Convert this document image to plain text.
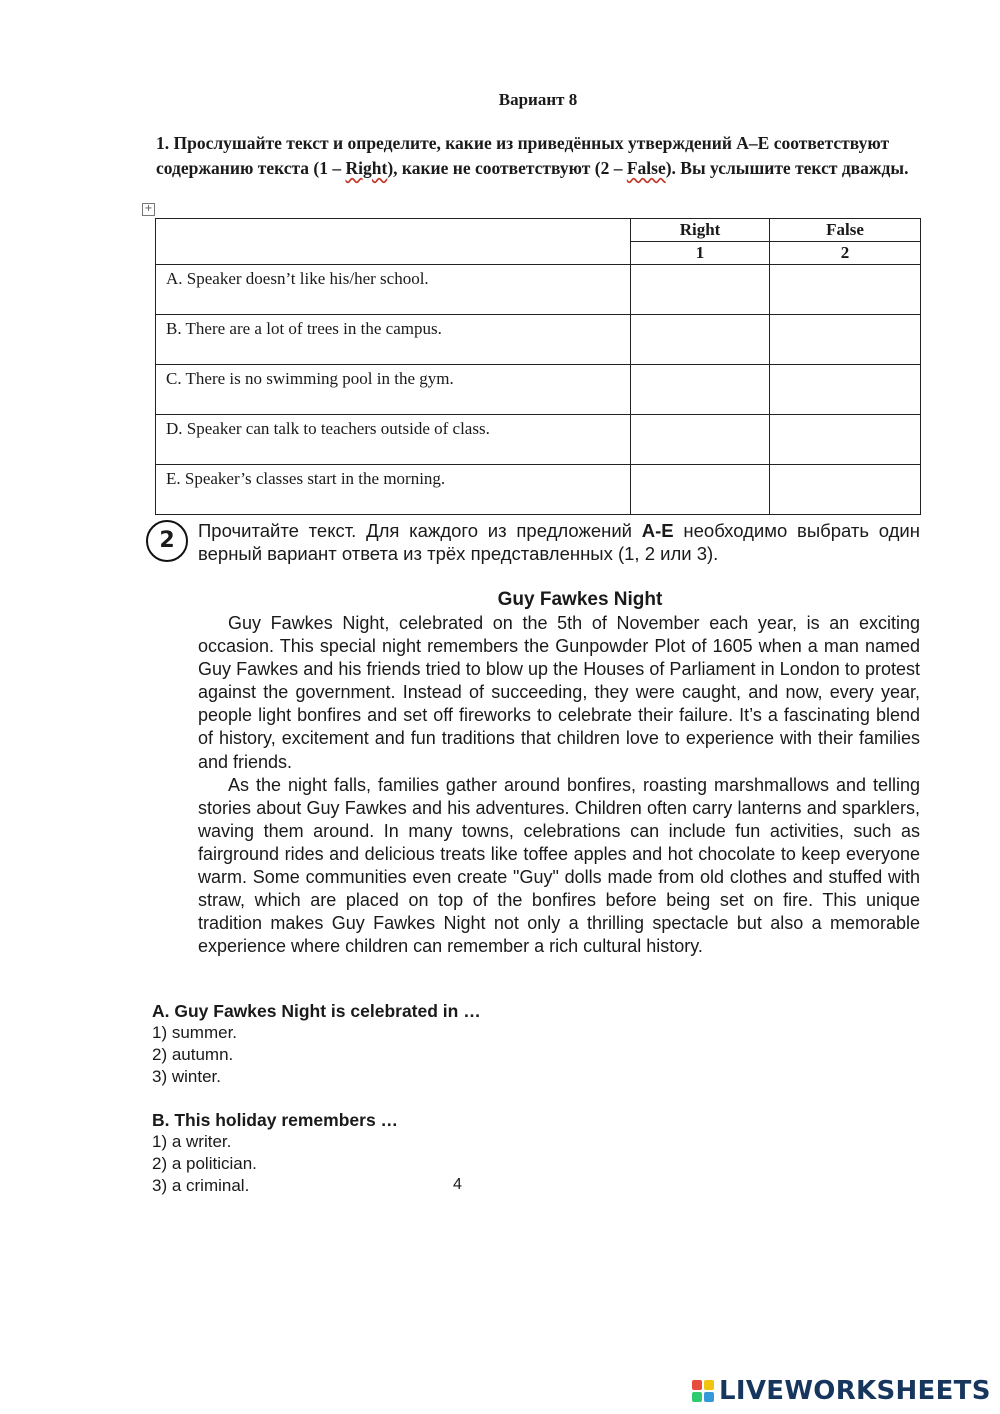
Вариант 8
1. Прослушайте текст и определите, какие из приведённых утверждений A–E соответствуют содержанию текста (1 – Right), какие не соответствуют (2 – False). Вы услышите текст дважды.
+
	Right	False
	1	2
A. Speaker doesn’t like his/her school.		
B. There are a lot of trees in the campus.		
C. There is no swimming pool in the gym.		
D. Speaker can talk to teachers outside of class.		
E. Speaker’s classes start in the morning.		
2	Прочитайте текст. Для каждого из предложений A-E необходимо выбрать один верный вариант ответа из трёх представленных (1, 2 или 3).
Guy Fawkes Night

Guy Fawkes Night, celebrated on the 5th of November each year, is an exciting occasion. This special night remembers the Gunpowder Plot of 1605 when a man named Guy Fawkes and his friends tried to blow up the Houses of Parliament in London to protest against the government. Instead of succeeding, they were caught, and now, every year, people light bonfires and set off fireworks to celebrate their failure. It’s a fascinating blend of history, excitement and fun traditions that children love to experience with their families and friends.

As the night falls, families gather around bonfires, roasting marshmallows and telling stories about Guy Fawkes and his adventures. Children often carry lanterns and sparklers, waving them around. In many towns, celebrations can include fun activities, such as fairground rides and delicious treats like toffee apples and hot chocolate to keep everyone warm. Some communities even create "Guy" dolls made from old clothes and stuffed with straw, which are placed on top of the bonfires before being set on fire. This unique tradition makes Guy Fawkes Night not only a thrilling spectacle but also a memorable experience where children can remember a rich cultural history.

A. Guy Fawkes Night is celebrated in …
1) summer.
2) autumn.
3) winter.
B. This holiday remembers …
1) a writer.
2) a politician.
3) a criminal.	4
LIVEWORKSHEETS
